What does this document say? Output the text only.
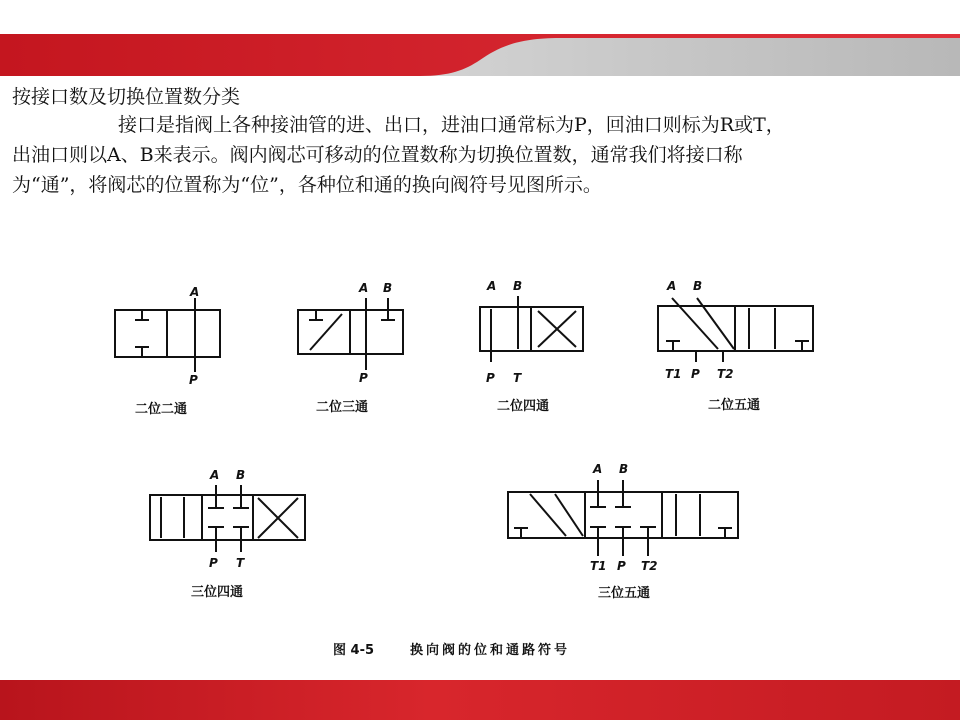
按接口数及切换位置数分类
接口是指阀上各种接油管的进、出口，进油口通常标为P，回油口则标为R或T，
出油口则以A、B来表示。阀内阀芯可移动的位置数称为切换位置数，通常我们将接口称
为“通”，将阀芯的位置称为“位”，各种位和通的换向阀符号见图所示。
A
P
A B
P
A B
P T
A B
T1 P T2
A B
P T
A B
T1 P T2
二位二通	二位三通	二位四通	二位五通
三位四通	三位五通
图 4-5	换向阀的位和通路符号
